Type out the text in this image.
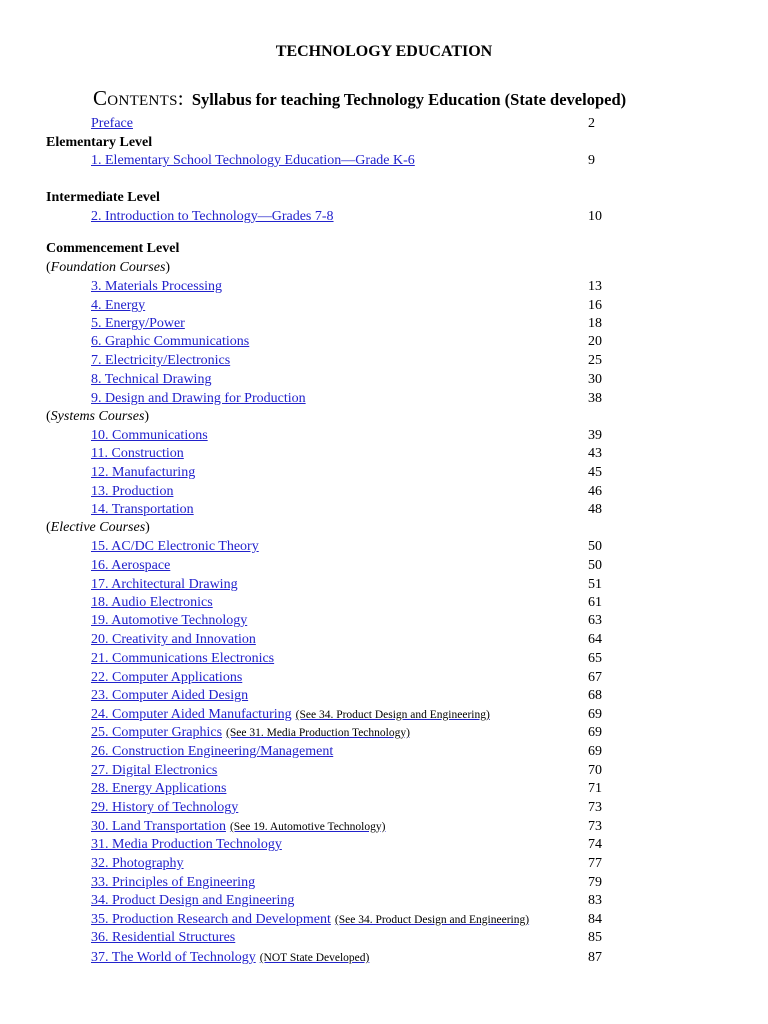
TECHNOLOGY EDUCATION
Contents: Syllabus for teaching Technology Education (State developed)
Preface	2
Elementary Level
1. Elementary School Technology Education—Grade K-6	9
Intermediate Level
2. Introduction to Technology—Grades 7-8	10
Commencement Level
(Foundation Courses)
3. Materials Processing	13
4. Energy	16
5. Energy/Power	18
6. Graphic Communications	20
7. Electricity/Electronics	25
8. Technical Drawing	30
9. Design and Drawing for Production	38
(Systems Courses)
10. Communications	39
11. Construction	43
12. Manufacturing	45
13. Production	46
14. Transportation	48
(Elective Courses)
15. AC/DC Electronic Theory	50
16. Aerospace	50
17. Architectural Drawing	51
18. Audio Electronics	61
19. Automotive Technology	63
20. Creativity and Innovation	64
21. Communications Electronics	65
22. Computer Applications	67
23. Computer Aided Design	68
24. Computer Aided Manufacturing (See 34. Product Design and Engineering)	69
25. Computer Graphics (See 31. Media Production Technology)	69
26. Construction Engineering/Management	69
27. Digital Electronics	70
28. Energy Applications	71
29. History of Technology	73
30. Land Transportation (See 19. Automotive Technology)	73
31. Media Production Technology	74
32. Photography	77
33. Principles of Engineering	79
34. Product Design and Engineering	83
35. Production Research and Development (See 34. Product Design and Engineering)	84
36. Residential Structures	85
37. The World of Technology (NOT State Developed)	87
